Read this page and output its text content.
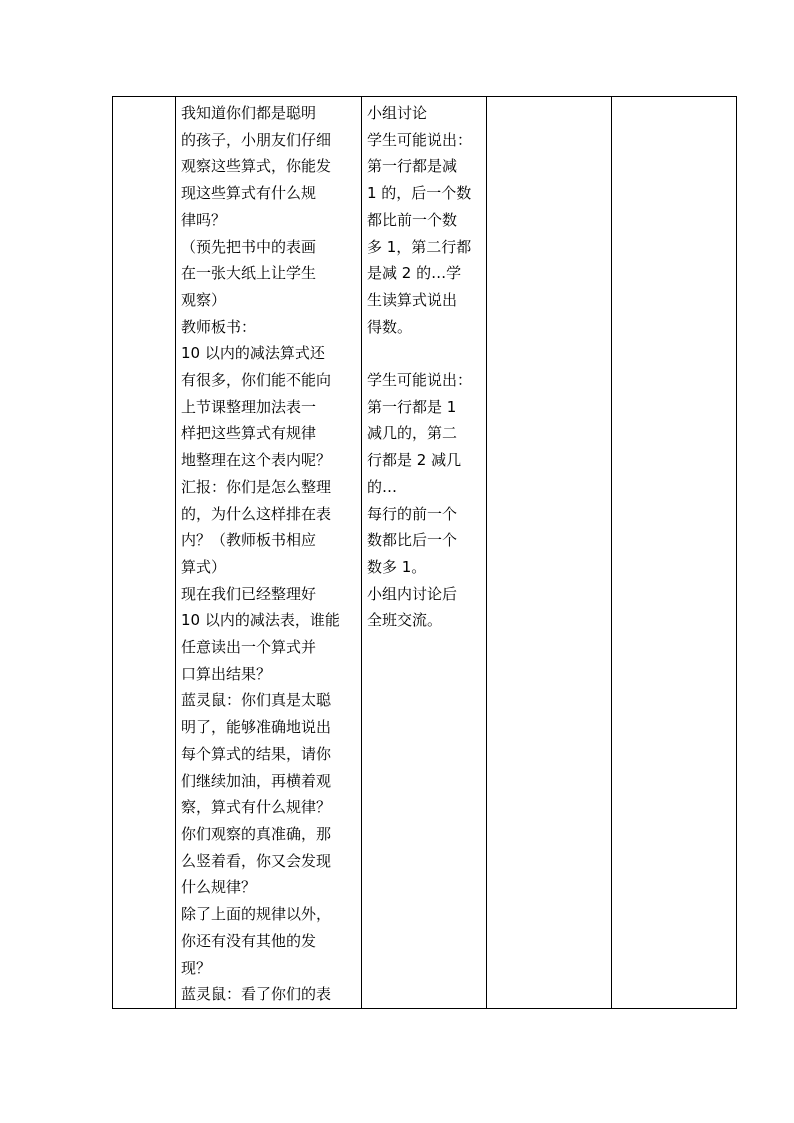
我知道你们都是聪明
的孩子，小朋友们仔细
观察这些算式，你能发
现这些算式有什么规
律吗？
（预先把书中的表画
在一张大纸上让学生
观察）
教师板书：
10 以内的减法算式还
有很多，你们能不能向
上节课整理加法表一
样把这些算式有规律
地整理在这个表内呢？
汇报：你们是怎么整理
的，为什么这样排在表
内？（教师板书相应
算式）
现在我们已经整理好
10 以内的减法表，谁能
任意读出一个算式并
口算出结果？
蓝灵鼠：你们真是太聪
明了，能够准确地说出
每个算式的结果，请你
们继续加油，再横着观
察，算式有什么规律？
你们观察的真准确，那
么竖着看，你又会发现
什么规律？
除了上面的规律以外，
你还有没有其他的发
现？
蓝灵鼠：看了你们的表

小组讨论
学生可能说出：
第一行都是减
1 的，后一个数
都比前一个数
多 1，第二行都
是减 2 的…学
生读算式说出
得数。
学生可能说出：
第一行都是 1
减几的，第二
行都是 2 减几
的…
每行的前一个
数都比后一个
数多 1。
小组内讨论后
全班交流。
